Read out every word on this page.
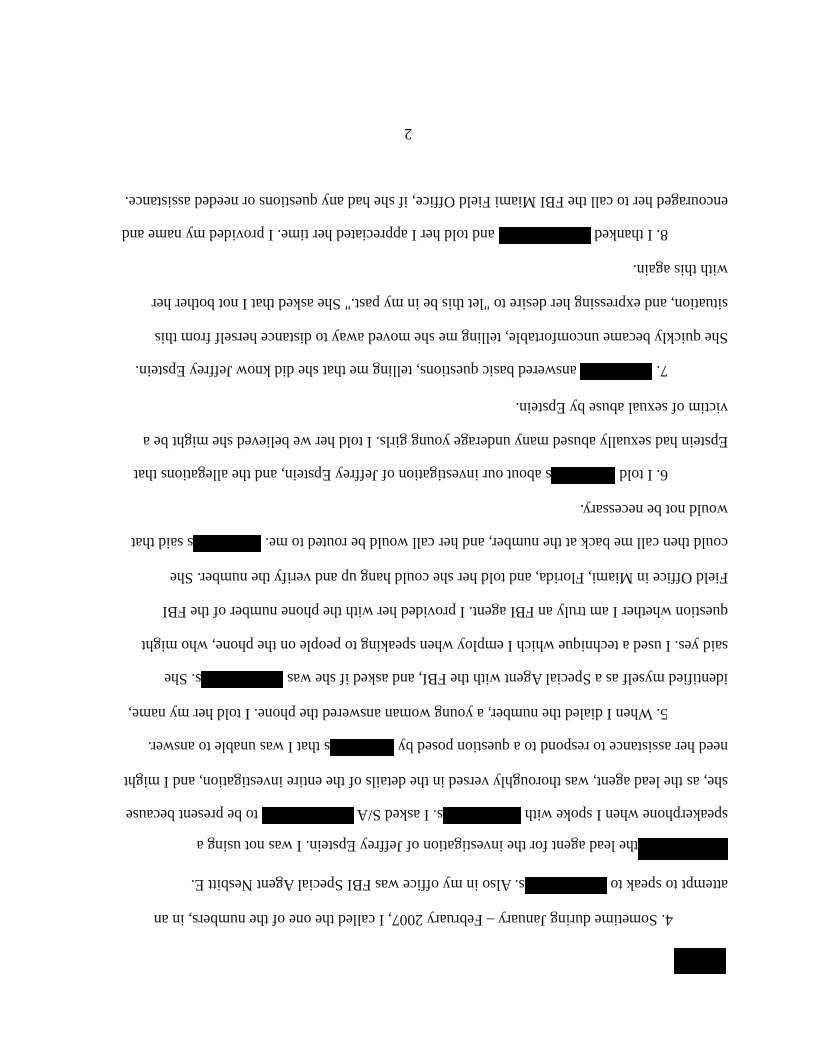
4. Sometime during January – February 2007, I called the one of the numbers, in an
attempt to speak to s. Also in my office was FBI Special Agent Nesbitt E.
the lead agent for the investigation of Jeffrey Epstein. I was not using a
speakerphone when I spoke with s. I asked S/A  to be present because
she, as the lead agent, was thoroughly versed in the details of the entire investigation, and I might
need her assistance to respond to a question posed by s that I was unable to answer.
5. When I dialed the number, a young woman answered the phone. I told her my name,
identified myself as a Special Agent with the FBI, and asked if she was s. She
said yes. I used a technique which I employ when speaking to people on the phone, who might
question whether I am truly an FBI agent. I provided her with the phone number of the FBI
Field Office in Miami, Florida, and told her she could hang up and verify the number. She
could then call me back at the number, and her call would be routed to me. s said that
would not be necessary.
6. I told s about our investigation of Jeffrey Epstein, and the allegations that
Epstein had sexually abused many underage young girls. I told her we believed she might be a
victim of sexual abuse by Epstein.
7.  answered basic questions, telling me that she did know Jeffrey Epstein.
She quickly became uncomfortable, telling me she moved away to distance herself from this
situation, and expressing her desire to "let this be in my past." She asked that I not bother her
with this again.
8. I thanked  and told her I appreciated her time. I provided my name and
encouraged her to call the FBI Miami Field Office, if she had any questions or needed assistance.
2
